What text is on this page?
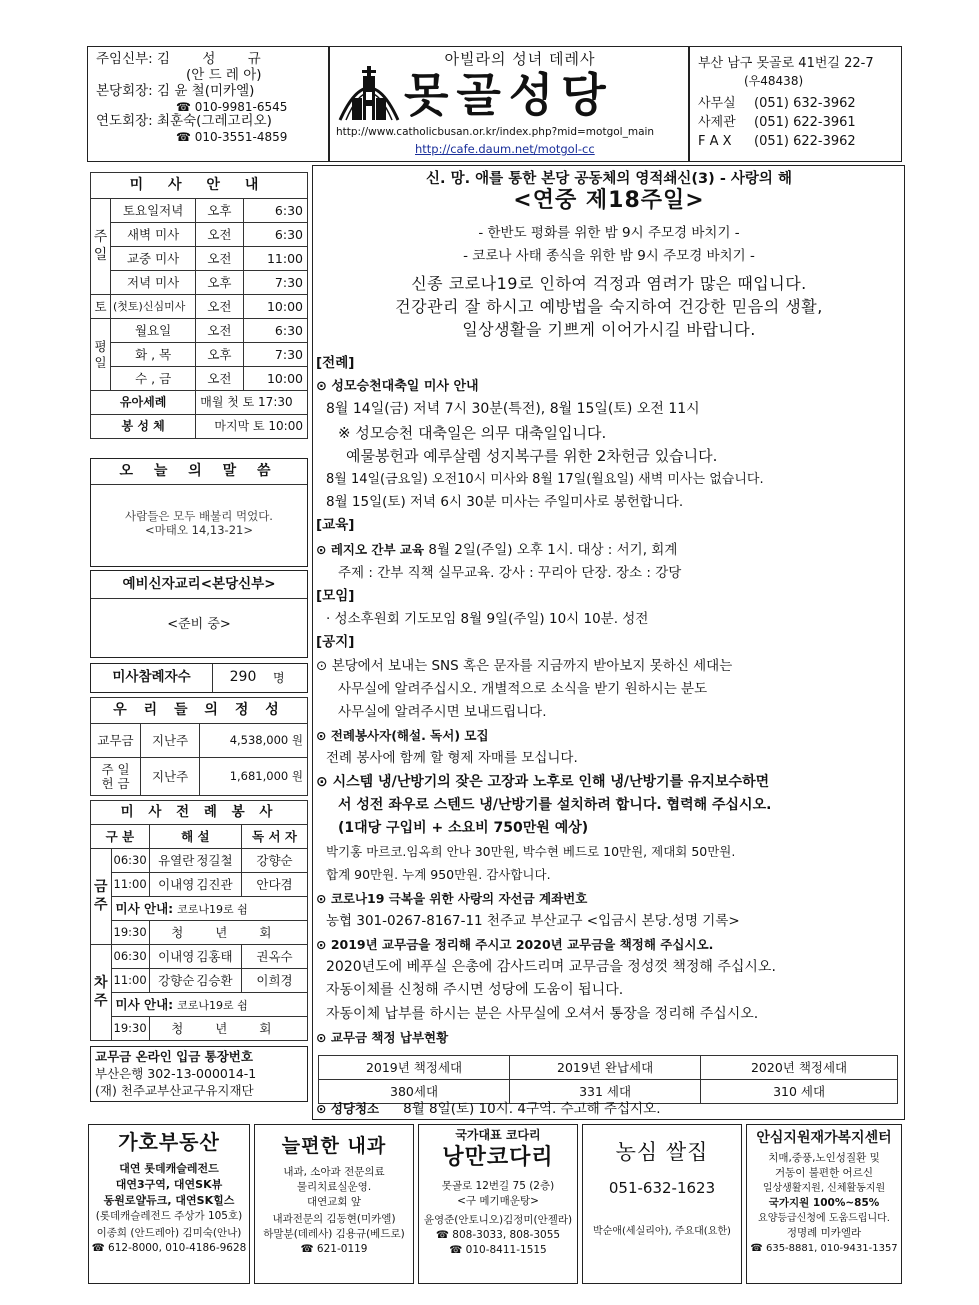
주임신부: 김 성 규
(안 드 레 아)
본당회장: 김 윤 철(미카엘)
☎ 010-9981-6545
연도회장: 최훈숙(그레고리오)
☎ 010-3551-4859
아빌라의 성녀 데레사
못골성당
http://www.catholicbusan.or.kr/index.php?mid=motgol_main
http://cafe.daum.net/motgol-cc
부산 남구 못골로 41번길 22-7
(우48438)
사무실 (051) 632-3962
사제관 (051) 622-3961
F A X (051) 622-3962
미 사 안 내			
주일	토요일저녁	오후	6:30
	새벽 미사	오전	6:30
	교중 미사	오전	11:00
	저녁 미사	오후	7:30
토	(첫토)신심미사	오전	10:00
평일	월요일	오전	6:30
	화 , 목	오후	7:30
	수 , 금	오전	10:00
유아세례		매월 첫 토 17:30	
봉 성 체		마지막 토 10:00	
오 늘 의 말 씀
사람들은 모두 배불리 먹었다.
<마태오 14,13-21>
예비신자교리<본당신부>
<준비 중>
미사참례자수	290	명
우 리 들 의 정 성		
교무금	지난주	4,538,000 원
주 일 헌 금	지난주	1,681,000 원
미 사 전 례 봉 사			
구 분		해 설	독 서 자
금주	06:30	유열란 정길철	강향순
	11:00	이내영 김진관	안다겸
	미사 안내: 코로나19로 쉼		
	19:30	청 년 회	
차주	06:30	이내영 김홍태	권옥수
	11:00	강향순 김승환	이희경
	미사 안내: 코로나19로 쉼		
	19:30	청 년 회	
교무금 온라인 입금 통장번호
부산은행 302-13-000014-1
(재) 천주교부산교구유지재단
신. 망. 애를 통한 본당 공동체의 영적쇄신(3) - 사랑의 해
<연중 제18주일>
- 한반도 평화를 위한 밤 9시 주모경 바치기 -
- 코로나 사태 종식을 위한 밤 9시 주모경 바치기 -
신종 코로나19로 인하여 걱정과 염려가 많은 때입니다.
건강관리 잘 하시고 예방법을 숙지하여 건강한 믿음의 생활,
일상생활을 기쁘게 이어가시길 바랍니다.

[전례]

⊙ 성모승천대축일 미사 안내

8월 14일(금) 저녁 7시 30분(특전), 8월 15일(토) 오전 11시

※ 성모승천 대축일은 의무 대축일입니다.

예물봉헌과 예루살렘 성지복구를 위한 2차헌금 있습니다.

8월 14일(금요일) 오전10시 미사와 8월 17일(월요일) 새벽 미사는 없습니다.

8월 15일(토) 저녁 6시 30분 미사는 주일미사로 봉헌합니다.

[교육]

⊙ 레지오 간부 교육 8월 2일(주일) 오후 1시. 대상 : 서기, 회계

주제 : 간부 직책 실무교육. 강사 : 꾸리아 단장. 장소 : 강당

[모임]

· 성소후원회 기도모임 8월 9일(주일) 10시 10분. 성전

[공지]

⊙ 본당에서 보내는 SNS 혹은 문자를 지금까지 받아보지 못하신 세대는

사무실에 알려주십시오. 개별적으로 소식을 받기 원하시는 분도

사무실에 알려주시면 보내드립니다.

⊙ 전례봉사자(해설. 독서) 모집

전례 봉사에 함께 할 형제 자매를 모십니다.

⊙ 시스템 냉/난방기의 잦은 고장과 노후로 인해 냉/난방기를 유지보수하면

서 성전 좌우로 스텐드 냉/난방기를 설치하려 합니다. 협력해 주십시오.

(1대당 구입비 + 소요비 750만원 예상)

박기홍 마르코.임옥희 안나 30만원, 박수현 베드로 10만원, 제대회 50만원.

합계 90만원. 누계 950만원. 감사합니다.

⊙ 코로나19 극복을 위한 사랑의 자선금 계좌번호

농협 301-0267-8167-11 천주교 부산교구 <입금시 본당.성명 기록>

⊙ 2019년 교무금을 정리해 주시고 2020년 교무금을 책정해 주십시오.

2020년도에 베푸실 은총에 감사드리며 교무금을 정성껏 책정해 주십시오.

자동이체를 신청해 주시면 성당에 도움이 됩니다.

자동이체 납부를 하시는 분은 사무실에 오셔서 통장을 정리해 주십시오.

⊙ 교무금 책정 납부현황

2019년 책정세대	2019년 완납세대	2020년 책정세대
380세대	331 세대	310 세대
⊙ 성당청소 8월 8일(토) 10시. 4구역. 수고해 주십시오.
가호부동산
대연 롯데캐슬레전드
대연3구역, 대연SK뷰
동원로얄듀크, 대연SK힐스
(롯데캐슬레전드 주상가 105호)
이종희 (안드레아) 김미숙(안나)
☎ 612-8000, 010-4186-9628
늘편한 내과
내과, 소아과 전문의료
물리치료실운영.
대연교회 앞
내과전문의 김동현(미카엘)
하말분(데레사) 김용규(베드로)
☎ 621-0119
국가대표 코다리
낭만코다리
못골로 12번길 75 (2층)
<구 메기매운탕>
윤영준(안토니오)김정미(안젤라)
☎ 808-3033, 808-3055
☎ 010-8411-1515
농심 쌀집
051-632-1623
박순애(세실리아), 주요대(요한)
안심지원재가복지센터
치매,중풍,노인성질환 및
거동이 불편한 어르신
일상생활지원, 신체활동지원
국가지원 100%~85%
요양등급신청에 도움드립니다.
정명례 미카엘라
☎ 635-8881, 010-9431-1357
